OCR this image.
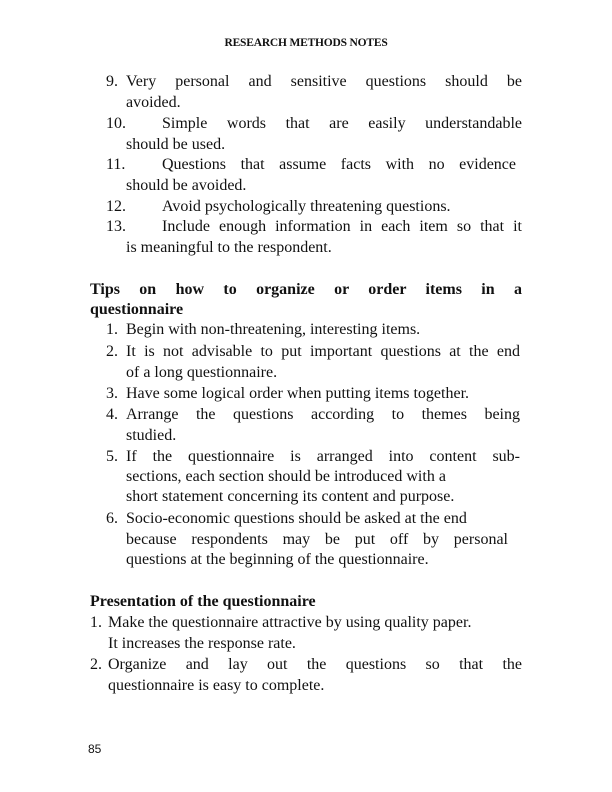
RESEARCH METHODS NOTES
9. Very personal and sensitive questions should be
avoided.
10. Simple words that are easily understandable
should be used.
11. Questions that assume facts with no evidence
should be avoided.
12. Avoid psychologically threatening questions.
13. Include enough information in each item so that it
is meaningful to the respondent.
Tips on how to organize or order items in a
questionnaire
1. Begin with non-threatening, interesting items.
2. It is not advisable to put important questions at the end
of a long questionnaire.
3. Have some logical order when putting items together.
4. Arrange the questions according to themes being
studied.
5. If the questionnaire is arranged into content sub-
sections, each section should be introduced with a
short statement concerning its content and purpose.
6. Socio-economic questions should be asked at the end
because respondents may be put off by personal
questions at the beginning of the questionnaire.
Presentation of the questionnaire
1. Make the questionnaire attractive by using quality paper.
It increases the response rate.
2. Organize and lay out the questions so that the
questionnaire is easy to complete.
85
